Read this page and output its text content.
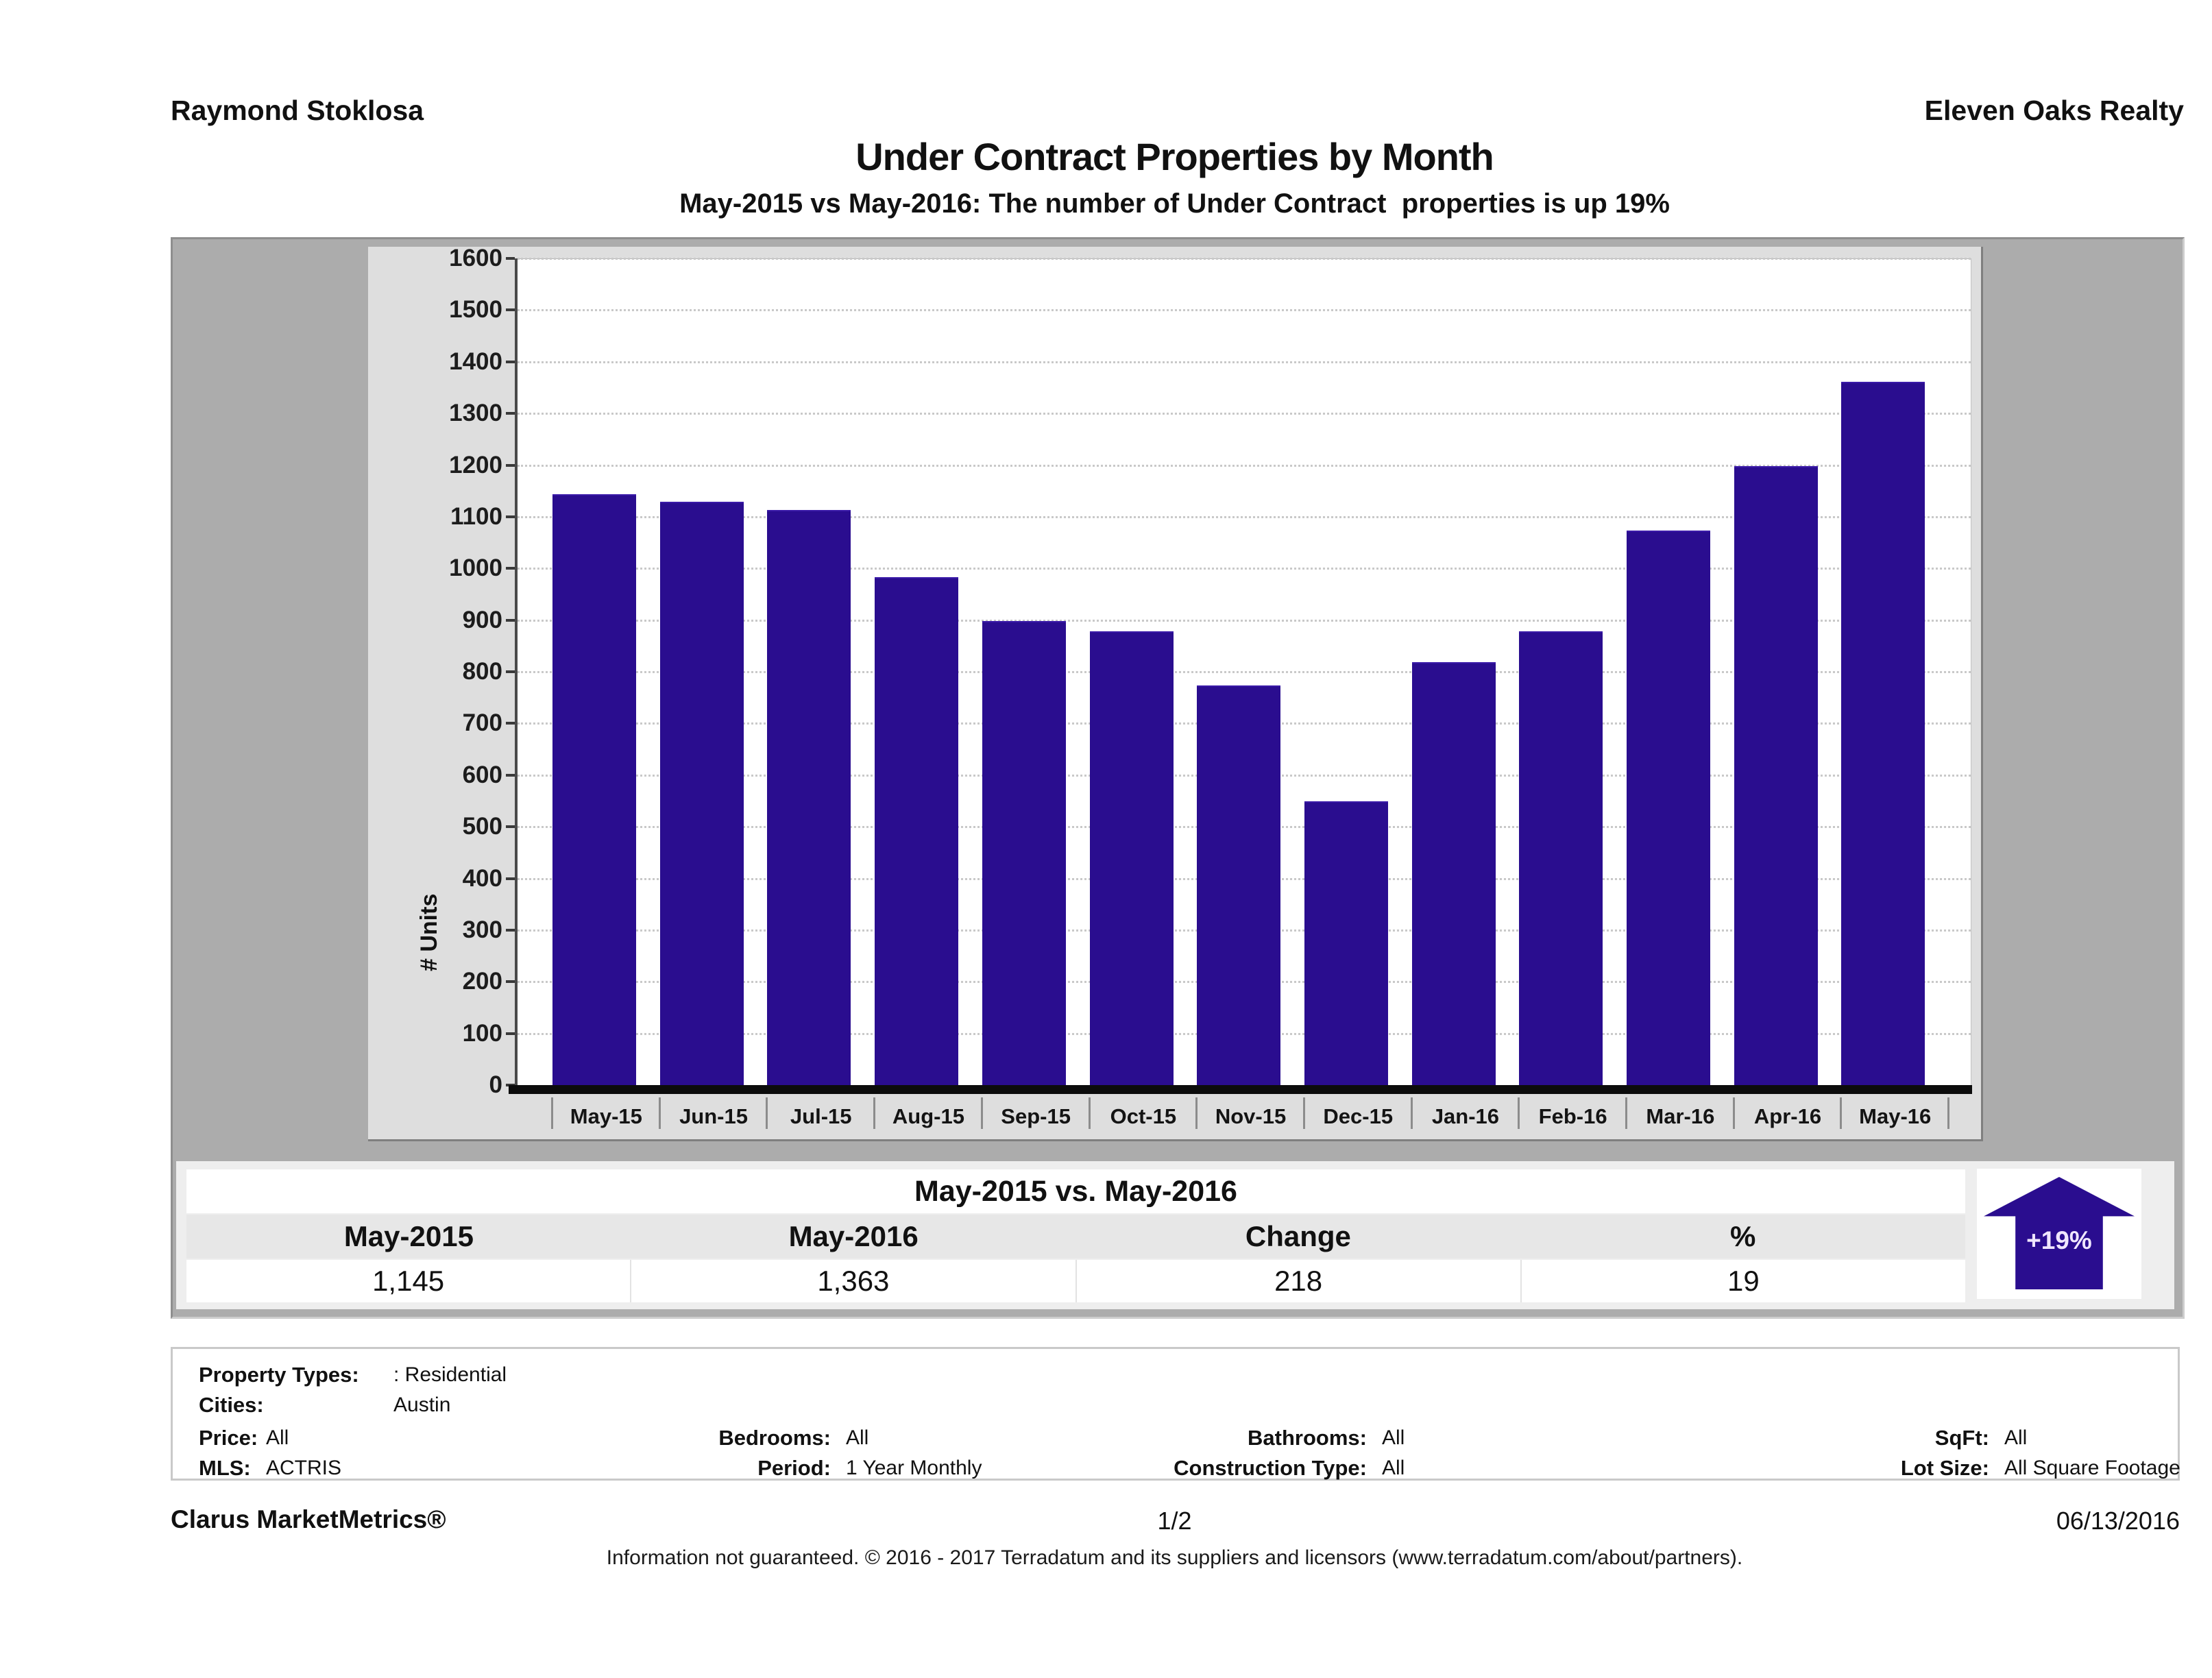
Raymond Stoklosa	Eleven Oaks Realty
Under Contract Properties by Month
May-2015 vs May-2016: The number of Under Contract  properties is up 19%
# Units
0
100
200
300
400
500
600
700
800
900
1000
1100
1200
1300
1400
1500
1600
May-15	Jun-15	Jul-15	Aug-15	Sep-15	Oct-15	Nov-15	Dec-15	Jan-16	Feb-16	Mar-16	Apr-16	May-16
May-2015 vs. May-2016
May-2015	May-2016	Change	%
1,145	1,363	218	19
+19%
Property Types: : Residential
Cities:	Austin
Price: All	Bedrooms: All	Bathrooms: All	SqFt: All
MLS: ACTRIS	Period: 1 Year Monthly	Construction Type: All	Lot Size: All Square Footage
Clarus MarketMetrics®	1/2	06/13/2016
Information not guaranteed. © 2016 - 2017 Terradatum and its suppliers and licensors (www.terradatum.com/about/partners).
